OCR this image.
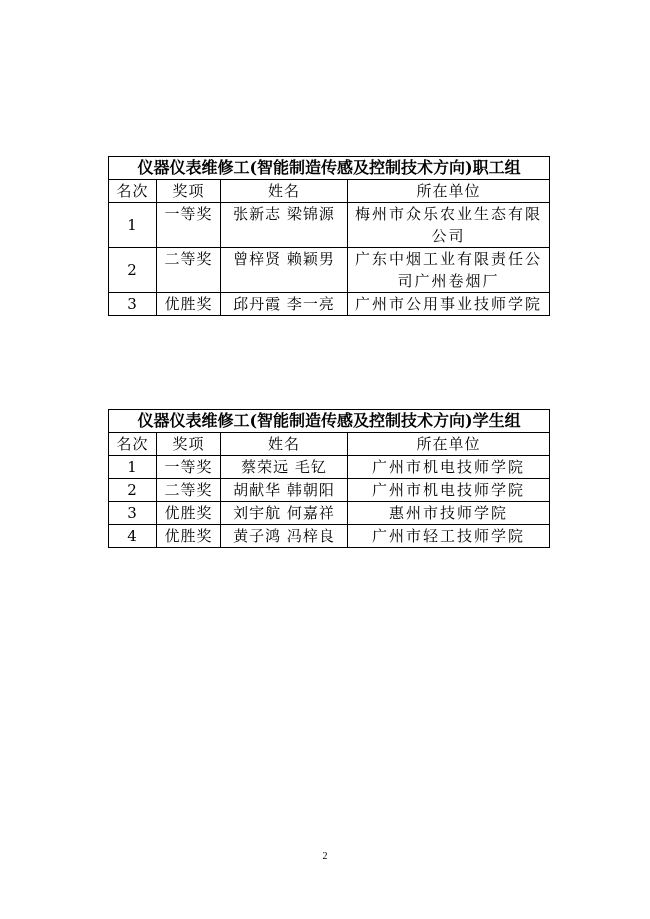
仪器仪表维修工(智能制造传感及控制技术方向)职工组			
名次	奖项	姓名	所在单位
1	一等奖	张新志 梁锦源	梅州市众乐农业生态有限公司
2	二等奖	曾梓贤 赖颖男	广东中烟工业有限责任公司广州卷烟厂
3	优胜奖	邱丹霞 李一亮	广州市公用事业技师学院
仪器仪表维修工(智能制造传感及控制技术方向)学生组			
名次	奖项	姓名	所在单位
1	一等奖	蔡荣远 毛钇	广州市机电技师学院
2	二等奖	胡献华 韩朝阳	广州市机电技师学院
3	优胜奖	刘宇航 何嘉祥	惠州市技师学院
4	优胜奖	黄子鸿 冯梓良	广州市轻工技师学院
2
